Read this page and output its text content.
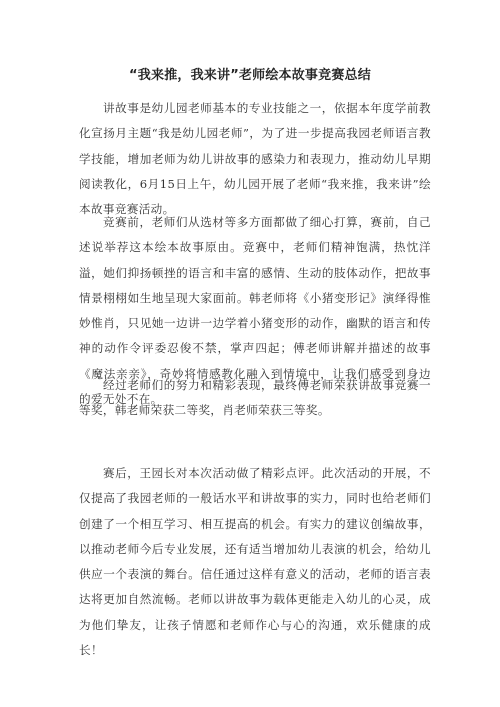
“我来推，我来讲”老师绘本故事竞赛总结

讲故事是幼儿园老师基本的专业技能之一，依据本年度学前教化宣扬月主题“我是幼儿园老师”，为了进一步提高我园老师语言教学技能，增加老师为幼儿讲故事的感染力和表现力，推动幼儿早期阅读教化，6月15日上午，幼儿园开展了老师“我来推，我来讲”绘本故事竞赛活动。

竞赛前，老师们从选材等多方面都做了细心打算，赛前，自己述说举荐这本绘本故事原由。竞赛中，老师们精神饱满，热忱洋溢，她们抑扬顿挫的语言和丰富的感情、生动的肢体动作，把故事情景栩栩如生地呈现大家面前。韩老师将《小猪变形记》演绎得惟妙惟肖，只见她一边讲一边学着小猪变形的动作，幽默的语言和传神的动作令评委忍俊不禁，掌声四起；傅老师讲解并描述的故事《魔法亲亲》，奇妙将情感教化融入到情境中，让我们感受到身边的爱无处不在。

经过老师们的努力和精彩表现，最终傅老师荣获讲故事竞赛一等奖，韩老师荣获二等奖，肖老师荣获三等奖。

赛后，王园长对本次活动做了精彩点评。此次活动的开展，不仅提高了我园老师的一般话水平和讲故事的实力，同时也给老师们创建了一个相互学习、相互提高的机会。有实力的建议创编故事，以推动老师今后专业发展，还有适当增加幼儿表演的机会，给幼儿供应一个表演的舞台。信任通过这样有意义的活动，老师的语言表达将更加自然流畅。老师以讲故事为载体更能走入幼儿的心灵，成为他们挚友，让孩子情愿和老师作心与心的沟通，欢乐健康的成长！
